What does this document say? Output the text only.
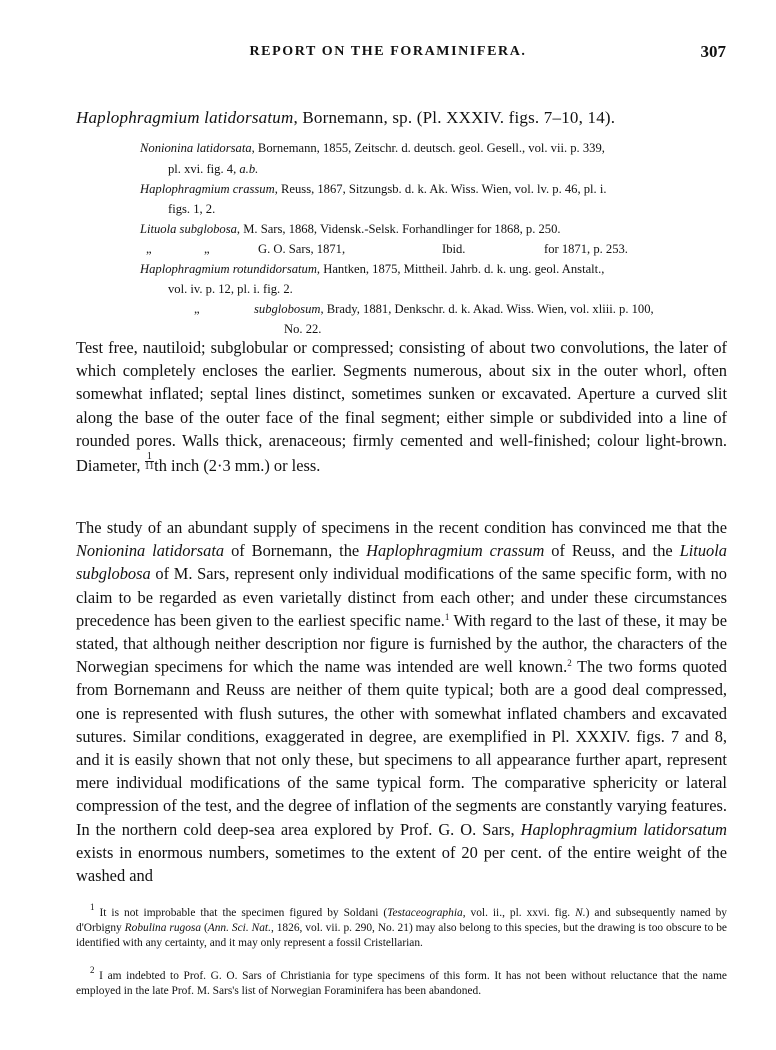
REPORT ON THE FORAMINIFERA.	307
Haplophragmium latidorsatum, Bornemann, sp. (Pl. XXXIV. figs. 7–10, 14).
Nonionina latidorsata, Bornemann, 1855, Zeitschr. d. deutsch. geol. Gesell., vol. vii. p. 339,
pl. xvi. fig. 4, a.b.
Haplophragmium crassum, Reuss, 1867, Sitzungsb. d. k. Ak. Wiss. Wien, vol. lv. p. 46, pl. i.
figs. 1, 2.
Lituola subglobosa, M. Sars, 1868, Vidensk.-Selsk. Forhandlinger for 1868, p. 250.
„	„	G. O. Sars, 1871,	Ibid.	for 1871, p. 253.
Haplophragmium rotundidorsatum, Hantken, 1875, Mittheil. Jahrb. d. k. ung. geol. Anstalt.,
vol. iv. p. 12, pl. i. fig. 2.
„	subglobosum, Brady, 1881, Denkschr. d. k. Akad. Wiss. Wien, vol. xliii. p. 100,
No. 22.

Test free, nautiloid; subglobular or compressed; consisting of about two convolutions, the later of which completely encloses the earlier. Segments numerous, about six in the outer whorl, often somewhat inflated; septal lines distinct, sometimes sunken or excavated. Aperture a curved slit along the base of the outer face of the final segment; either simple or subdivided into a line of rounded pores. Walls thick, arenaceous; firmly cemented and well-finished; colour light-brown. Diameter, $\frac{1}{11}$ th inch (2·3 mm.) or less.

The study of an abundant supply of specimens in the recent condition has convinced me that the Nonionina latidorsata of Bornemann, the Haplophragmium crassum of Reuss, and the Lituola subglobosa of M. Sars, represent only individual modifications of the same specific form, with no claim to be regarded as even varietally distinct from each other; and under these circumstances precedence has been given to the earliest specific name.$^1$ With regard to the last of these, it may be stated, that although neither description nor figure is furnished by the author, the characters of the Norwegian specimens for which the name was intended are well known.$^2$ The two forms quoted from Bornemann and Reuss are neither of them quite typical; both are a good deal compressed, one is represented with flush sutures, the other with somewhat inflated chambers and excavated sutures. Similar conditions, exaggerated in degree, are exemplified in Pl. XXXIV. figs. 7 and 8, and it is easily shown that not only these, but specimens to all appearance further apart, represent mere individual modifications of the same typical form. The comparative sphericity or lateral compression of the test, and the degree of inflation of the segments are constantly varying features. In the northern cold deep-sea area explored by Prof. G. O. Sars, Haplophragmium latidorsatum exists in enormous numbers, sometimes to the extent of 20 per cent. of the entire weight of the washed and

$^1$ It is not improbable that the specimen figured by Soldani (Testaceographia, vol. ii., pl. xxvi. fig. N.) and subsequently named by d'Orbigny Robulina rugosa (Ann. Sci. Nat., 1826, vol. vii. p. 290, No. 21) may also belong to this species, but the drawing is too obscure to be identified with any certainty, and it may only represent a fossil Cristellarian.

$^2$ I am indebted to Prof. G. O. Sars of Christiania for type specimens of this form. It has not been without reluctance that the name employed in the late Prof. M. Sars's list of Norwegian Foraminifera has been abandoned.
